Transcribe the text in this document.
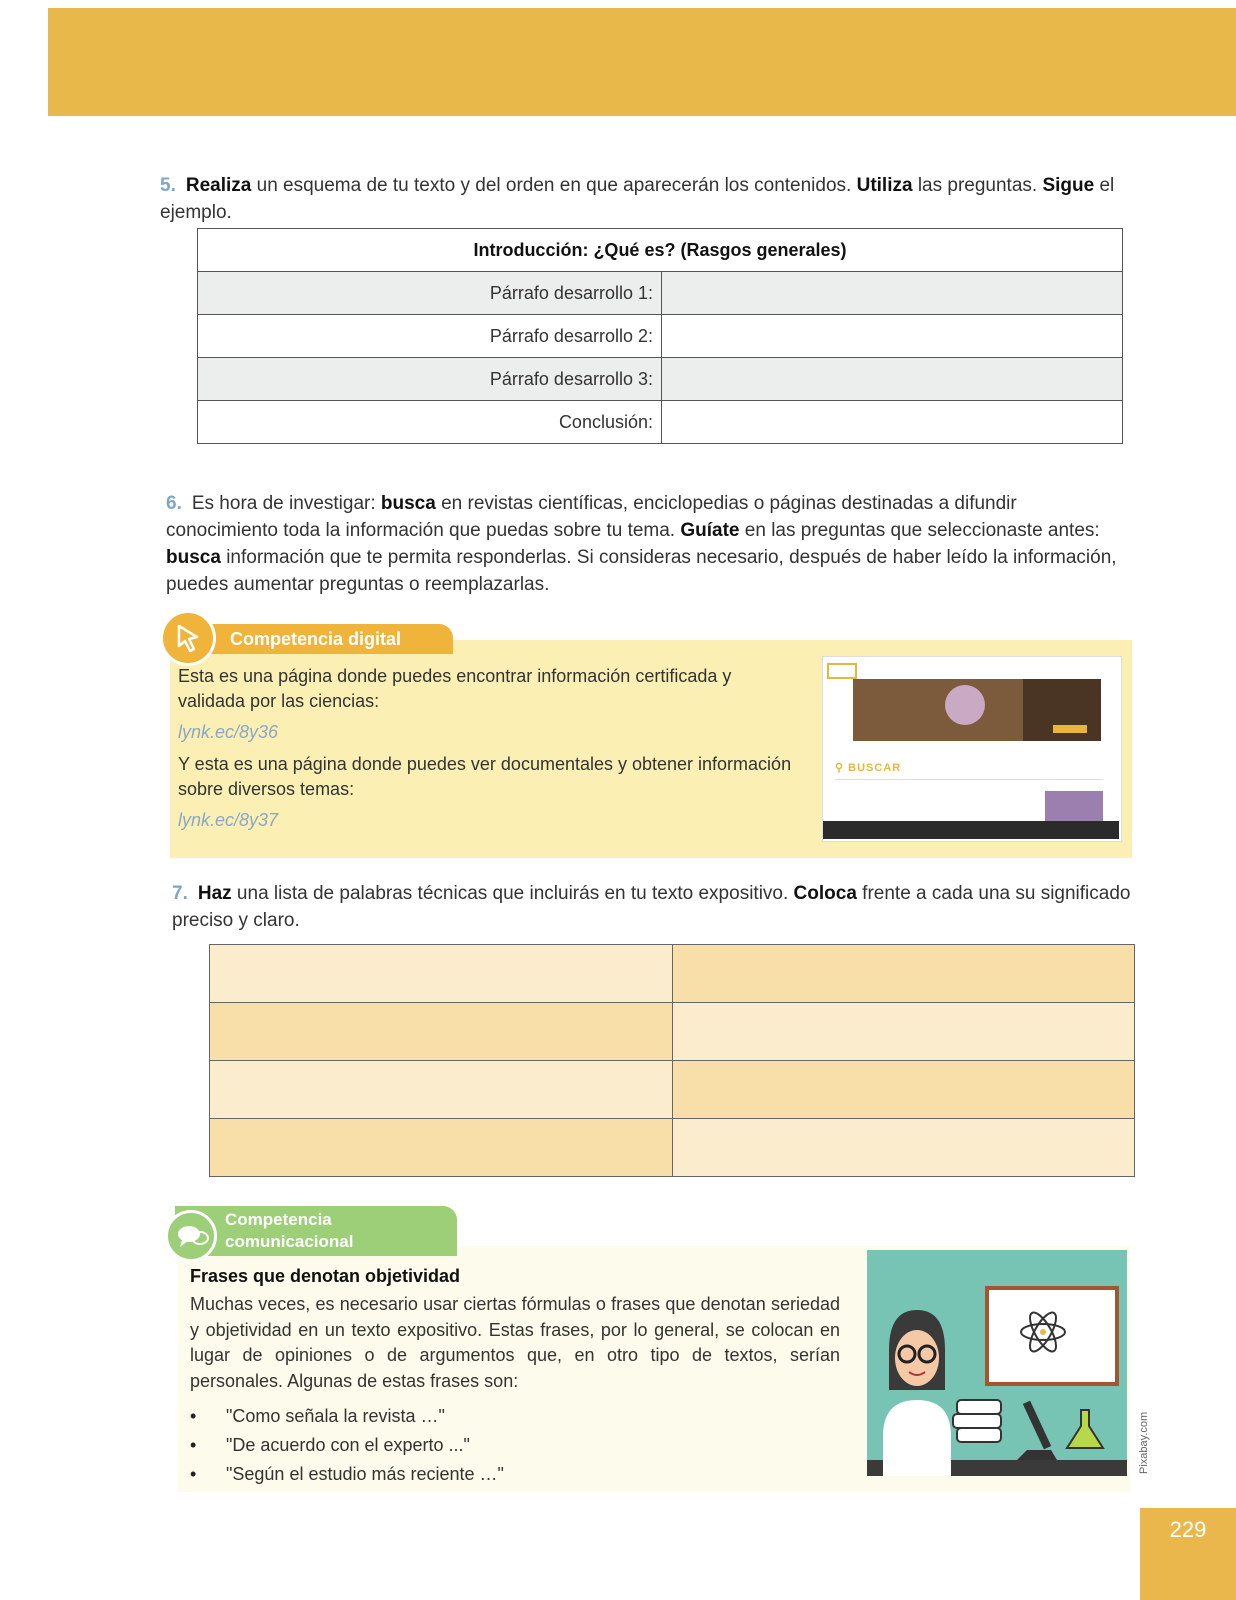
5. Realiza un esquema de tu texto y del orden en que aparecerán los contenidos. Utiliza las preguntas. Sigue el ejemplo.
Introducción: ¿Qué es? (Rasgos generales)	
Párrafo desarrollo 1:	
Párrafo desarrollo 2:	
Párrafo desarrollo 3:	
Conclusión:	
6. Es hora de investigar: busca en revistas científicas, enciclopedias o páginas destinadas a difundir conocimiento toda la información que puedas sobre tu tema. Guíate en las preguntas que seleccionaste antes: busca información que te permita responderlas. Si consideras necesario, después de haber leído la información, puedes aumentar preguntas o reemplazarlas.
Competencia digital
Esta es una página donde puedes encontrar información certificada y validada por las ciencias:
lynk.ec/8y36
Y esta es una página donde puedes ver documentales y obtener información sobre diversos temas:
lynk.ec/8y37
⚲ BUSCAR
7. Haz una lista de palabras técnicas que incluirás en tu texto expositivo. Coloca frente a cada una su significado preciso y claro.

Competencia
comunicacional
Frases que denotan objetividad
Muchas veces, es necesario usar ciertas fórmulas o frases que denotan seriedad y objetividad en un texto expositivo. Estas frases, por lo general, se colocan en lugar de opiniones o de argumentos que, en otro tipo de textos, serían personales. Algunas de estas frases son:
• "Como señala la revista …"
• "De acuerdo con el experto ..."
• "Según el estudio más reciente …"	Pixabay.com
229
